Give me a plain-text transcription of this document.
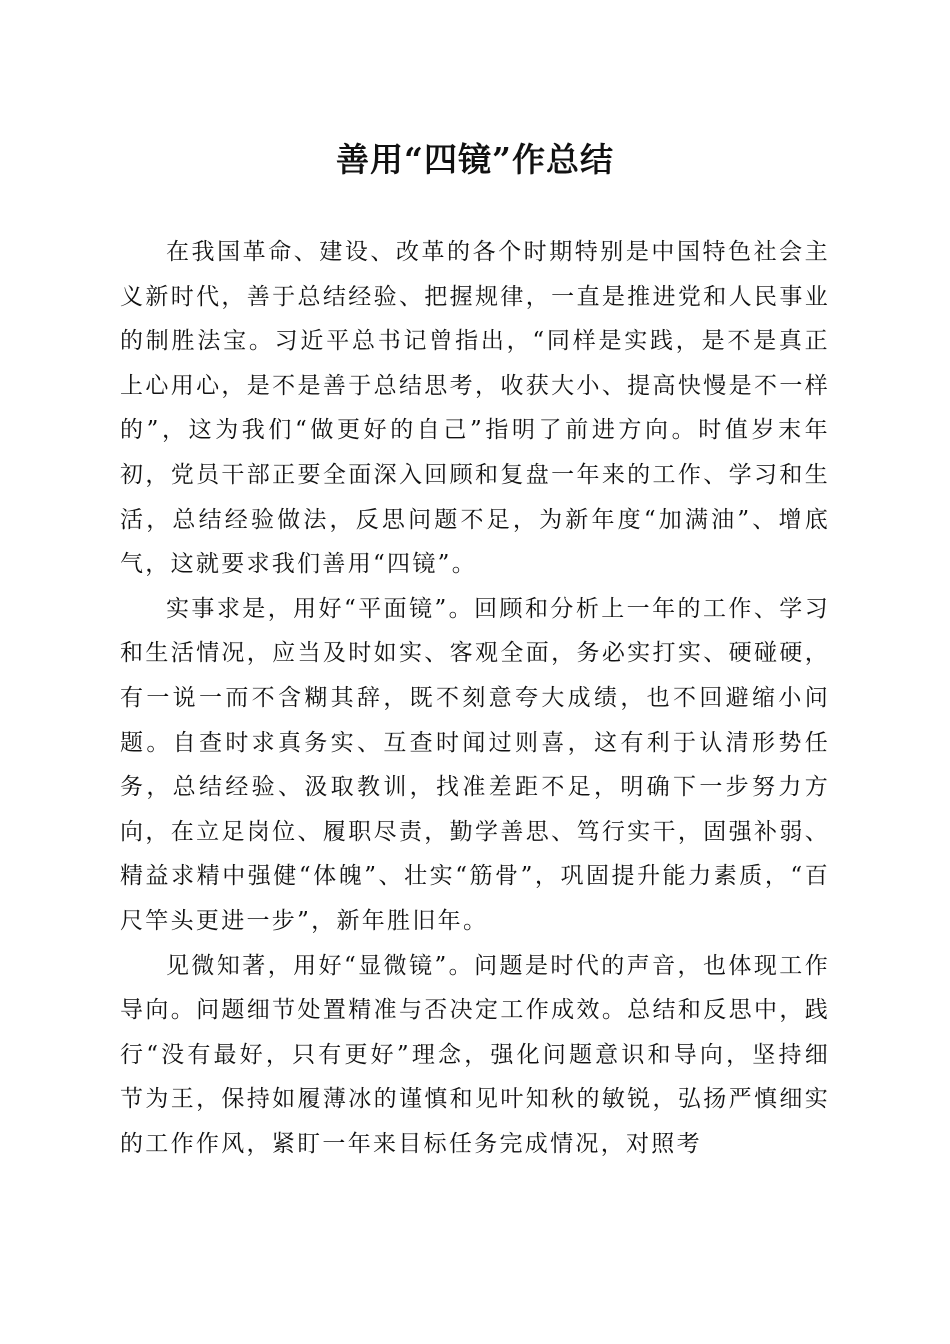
善用“四镜”作总结

在我国革命、建设、改革的各个时期特别是中国特色社会主义新时代，善于总结经验、把握规律，一直是推进党和人民事业的制胜法宝。习近平总书记曾指出，“同样是实践，是不是真正上心用心，是不是善于总结思考，收获大小、提高快慢是不一样的”，这为我们“做更好的自己”指明了前进方向。时值岁末年初，党员干部正要全面深入回顾和复盘一年来的工作、学习和生活，总结经验做法，反思问题不足，为新年度“加满油”、增底气，这就要求我们善用“四镜”。

实事求是，用好“平面镜”。回顾和分析上一年的工作、学习和生活情况，应当及时如实、客观全面，务必实打实、硬碰硬，有一说一而不含糊其辞，既不刻意夸大成绩，也不回避缩小问题。自查时求真务实、互查时闻过则喜，这有利于认清形势任务，总结经验、汲取教训，找准差距不足，明确下一步努力方向，在立足岗位、履职尽责，勤学善思、笃行实干，固强补弱、精益求精中强健“体魄”、壮实“筋骨”，巩固提升能力素质，“百尺竿头更进一步”，新年胜旧年。

见微知著，用好“显微镜”。问题是时代的声音，也体现工作导向。问题细节处置精准与否决定工作成效。总结和反思中，践行“没有最好，只有更好”理念，强化问题意识和导向，坚持细节为王，保持如履薄冰的谨慎和见叶知秋的敏锐，弘扬严慎细实的工作作风，紧盯一年来目标任务完成情况，对照考
